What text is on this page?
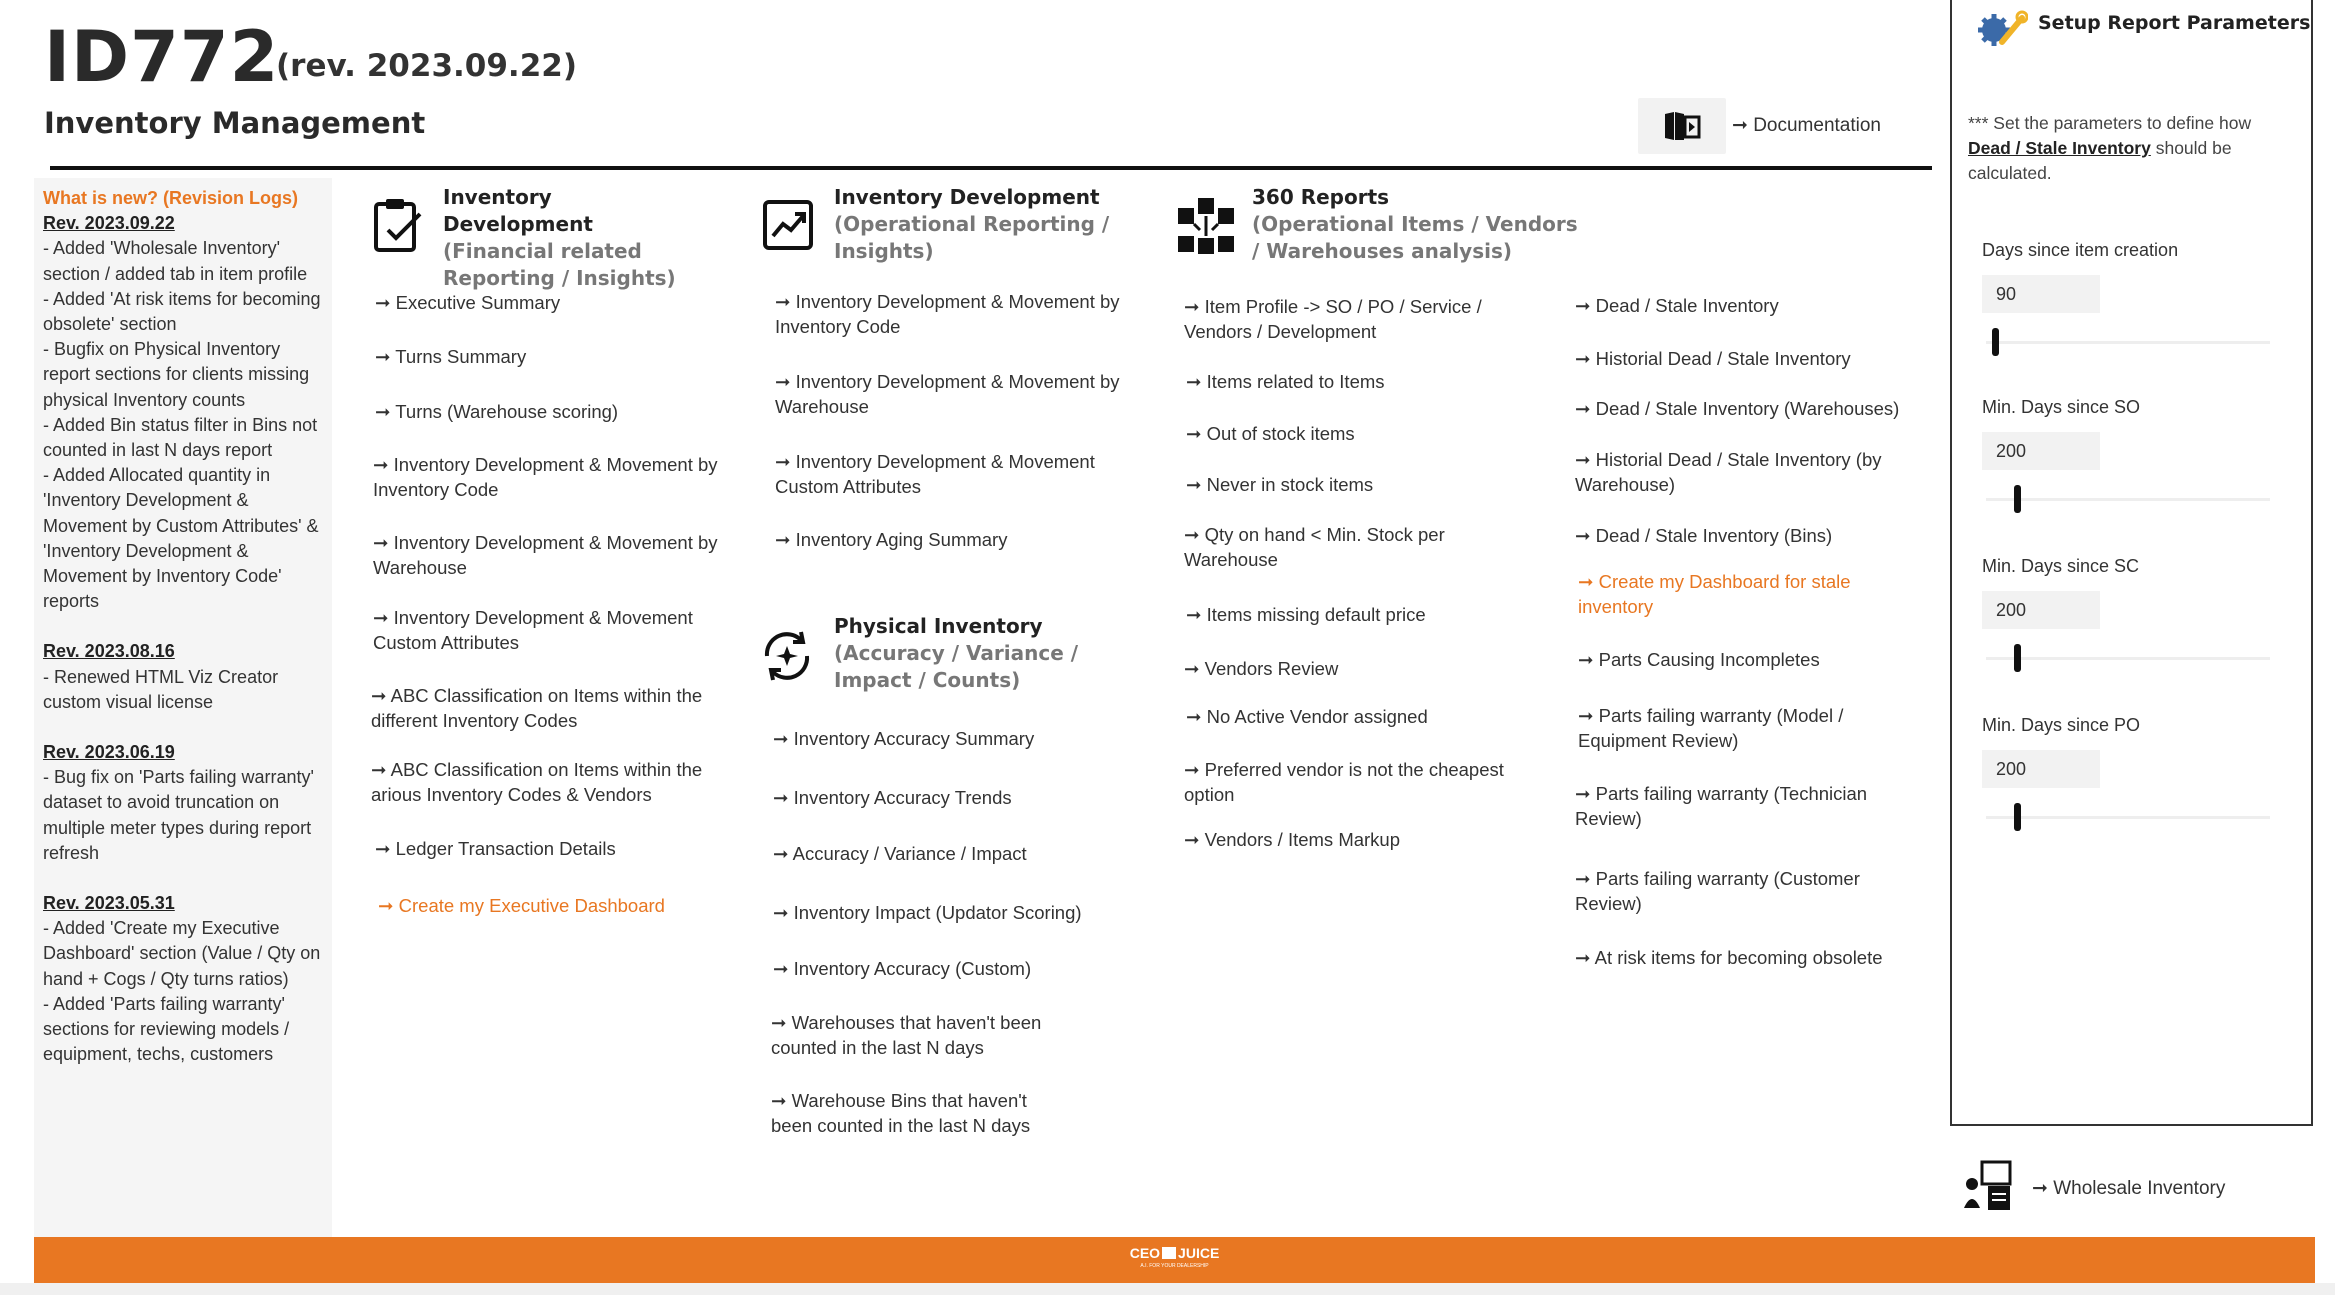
ID772
(rev. 2023.09.22)
Inventory Management	➞ Documentation
What is new? (Revision Logs)
Rev. 2023.09.22
- Added 'Wholesale Inventory' section / added tab in item profile
- Added 'At risk items for becoming obsolete' section
- Bugfix on Physical Inventory report sections for clients missing physical Inventory counts
- Added Bin status filter in Bins not counted in last N days report
- Added Allocated quantity in 'Inventory Development & Movement by Custom Attributes' & 'Inventory Development & Movement by Inventory Code' reports
Rev. 2023.08.16
- Renewed HTML Viz Creator custom visual license
Rev. 2023.06.19
- Bug fix on 'Parts failing warranty' dataset to avoid truncation on multiple meter types during report refresh
Rev. 2023.05.31
- Added 'Create my Executive Dashboard' section (Value / Qty on hand + Cogs / Qty turns ratios)
- Added 'Parts failing warranty' sections for reviewing models / equipment, techs, customers
Inventory Development
(Financial related Reporting / Insights)
➞ Executive Summary
➞ Turns Summary
➞ Turns (Warehouse scoring)
➞ Inventory Development & Movement by Inventory Code
➞ Inventory Development & Movement by Warehouse
➞ Inventory Development & Movement Custom Attributes
➞ ABC Classification on Items within the different Inventory Codes
➞ ABC Classification on Items within the arious Inventory Codes & Vendors
➞ Ledger Transaction Details
➞ Create my Executive Dashboard
Inventory Development
(Operational Reporting / Insights)
➞ Inventory Development & Movement by Inventory Code
➞ Inventory Development & Movement by Warehouse
➞ Inventory Development & Movement Custom Attributes
➞ Inventory Aging Summary
Physical Inventory
(Accuracy / Variance / Impact / Counts)
➞ Inventory Accuracy Summary
➞ Inventory Accuracy Trends
➞ Accuracy / Variance / Impact
➞ Inventory Impact (Updator Scoring)
➞ Inventory Accuracy (Custom)
➞ Warehouses that haven't been counted in the last N days
➞ Warehouse Bins that haven't been counted in the last N days
360 Reports
(Operational Items / Vendors / Warehouses analysis)
➞ Item Profile -> SO / PO / Service / Vendors / Development
➞ Items related to Items
➞ Out of stock items
➞ Never in stock items
➞ Qty on hand < Min. Stock per Warehouse
➞ Items missing default price
➞ Vendors Review
➞ No Active Vendor assigned
➞ Preferred vendor is not the cheapest option
➞ Vendors / Items Markup
➞ Dead / Stale Inventory
➞ Historial Dead / Stale Inventory
➞ Dead / Stale Inventory (Warehouses)
➞ Historial Dead / Stale Inventory (by Warehouse)
➞ Dead / Stale Inventory (Bins)
➞ Create my Dashboard for stale inventory
➞ Parts Causing Incompletes
➞ Parts failing warranty (Model / Equipment Review)
➞ Parts failing warranty (Technician Review)
➞ Parts failing warranty (Customer Review)
➞ At risk items for becoming obsolete
Setup Report Parameters
*** Set the parameters to define how Dead / Stale Inventory should be calculated.
Days since item creation
90
Min. Days since SO
200
Min. Days since SC
200
Min. Days since PO
200
➞ Wholesale Inventory
CEO JUICE
A.I. FOR YOUR DEALERSHIP
